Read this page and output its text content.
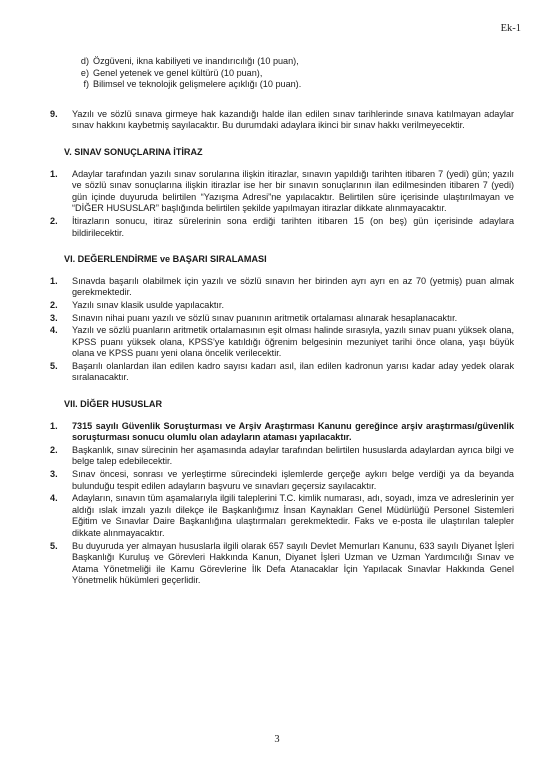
Ek-1
d ) Özgüveni, ikna kabiliyeti ve inandırıcılığı (10 puan),
e ) Genel yetenek ve genel kültürü (10 puan),
f ) Bilimsel ve teknolojik gelişmelere açıklığı (10 puan).
9 .	Yazılı ve sözlü sınava girmeye hak kazandığı halde ilan edilen sınav tarihlerinde sınava katılmayan adaylar sınav hakkını kaybetmiş sayılacaktır. Bu durumdaki adaylara ikinci bir sınav hakkı verilmeyecektir.
V. SINAV SONUÇLARINA İTİRAZ
1 .	Adaylar tarafından yazılı sınav sorularına ilişkin itirazlar, sınavın yapıldığı tarihten itibaren 7 (yedi) gün; yazılı ve sözlü sınav sonuçlarına ilişkin itirazlar ise her bir sınavın sonuçlarının ilan edilmesinden itibaren 7 (yedi) gün içinde duyuruda belirtilen “Yazışma Adresi”ne yapılacaktır. Belirtilen süre içerisinde ulaştırılmayan ve “DİĞER HUSUSLAR” başlığında belirtilen şekilde yapılmayan itirazlar dikkate alınmayacaktır.
2 .	İtirazların sonucu, itiraz sürelerinin sona erdiği tarihten itibaren 15 (on beş) gün içerisinde adaylara bildirilecektir.
VI. DEĞERLENDİRME ve BAŞARI SIRALAMASI
1 .	Sınavda başarılı olabilmek için yazılı ve sözlü sınavın her birinden ayrı ayrı en az 70 (yetmiş) puan almak gerekmektedir.
2 .	Yazılı sınav klasik usulde yapılacaktır.
3 .	Sınavın nihai puanı yazılı ve sözlü sınav puanının aritmetik ortalaması alınarak hesaplanacaktır.
4 .	Yazılı ve sözlü puanların aritmetik ortalamasının eşit olması halinde sırasıyla, yazılı sınav puanı yüksek olana, KPSS puanı yüksek olana, KPSS’ye katıldığı öğrenim belgesinin mezuniyet tarihi önce olana, yaşı büyük olana ve KPSS puanı yeni olana öncelik verilecektir.
5 .	Başarılı olanlardan ilan edilen kadro sayısı kadarı asıl, ilan edilen kadronun yarısı kadar aday yedek olarak sıralanacaktır.
VII. DİĞER HUSUSLAR
1 .	7315 sayılı Güvenlik Soruşturması ve Arşiv Araştırması Kanunu gereğince arşiv araştırması/güvenlik soruşturması sonucu olumlu olan adayların ataması yapılacaktır.
2 .	Başkanlık, sınav sürecinin her aşamasında adaylar tarafından belirtilen hususlarda adaylardan ayrıca bilgi ve belge talep edebilecektir.
3 .	Sınav öncesi, sonrası ve yerleştirme sürecindeki işlemlerde gerçeğe aykırı belge verdiği ya da beyanda bulunduğu tespit edilen adayların başvuru ve sınavları geçersiz sayılacaktır.
4 .	Adayların, sınavın tüm aşamalarıyla ilgili taleplerini T.C. kimlik numarası, adı, soyadı, imza ve adreslerinin yer aldığı ıslak imzalı yazılı dilekçe ile Başkanlığımız İnsan Kaynakları Genel Müdürlüğü Personel Sistemleri Eğitim ve Sınavlar Daire Başkanlığına ulaştırmaları gerekmektedir. Faks ve e-posta ile ulaştırılan talepler dikkate alınmayacaktır.
5 .	Bu duyuruda yer almayan hususlarla ilgili olarak 657 sayılı Devlet Memurları Kanunu, 633 sayılı Diyanet İşleri Başkanlığı Kuruluş ve Görevleri Hakkında Kanun, Diyanet İşleri Uzman ve Uzman Yardımcılığı Sınav ve Atama Yönetmeliği ile Kamu Görevlerine İlk Defa Atanacaklar İçin Yapılacak Sınavlar Hakkında Genel Yönetmelik hükümleri geçerlidir.
3
